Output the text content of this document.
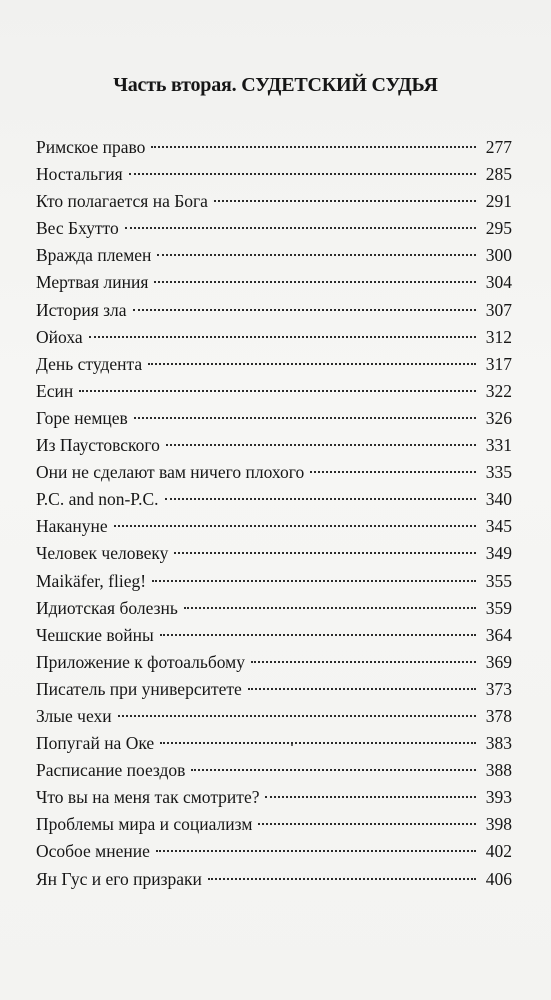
Часть вторая. СУДЕТСКИЙ СУДЬЯ
Римское право	277
Ностальгия	285
Кто полагается на Бога	291
Вес Бхутто	295
Вражда племен	300
Мертвая линия	304
История зла	307
Ойоха	312
День студента	317
Есин	322
Горе немцев	326
Из Паустовского	331
Они не сделают вам ничего плохого	335
P.C. and non-P.C.	340
Накануне	345
Человек человеку	349
Maikäfer, flieg!	355
Идиотская болезнь	359
Чешские войны	364
Приложение к фотоальбому	369
Писатель при университете	373
Злые чехи	378
Попугай на Оке	383
Расписание поездов	388
Что вы на меня так смотрите?	393
Проблемы мира и социализм	398
Особое мнение	402
Ян Гус и его призраки	406
